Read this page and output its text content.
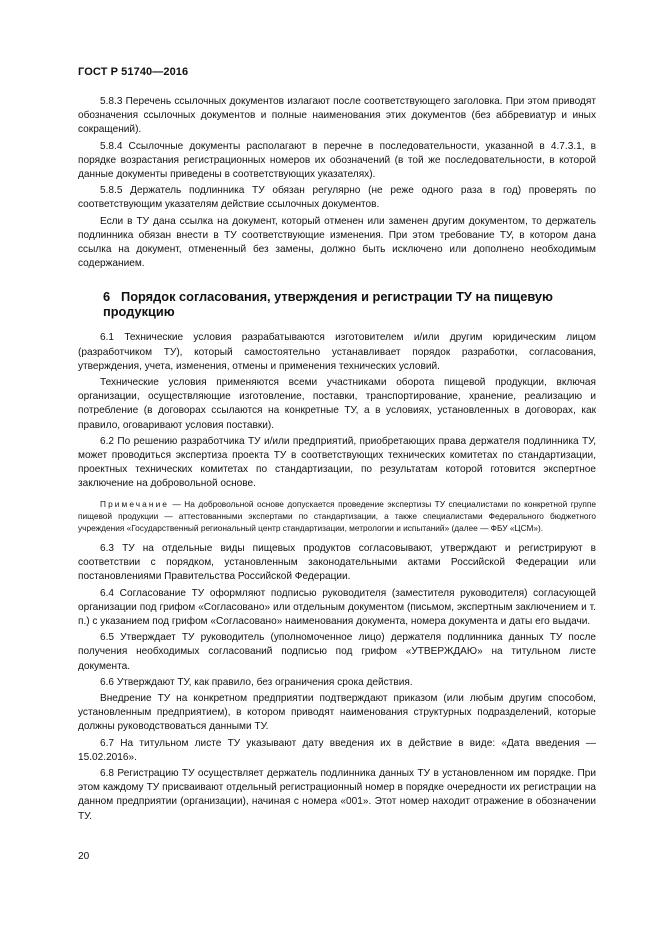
ГОСТ Р 51740—2016

5.8.3 Перечень ссылочных документов излагают после соответствующего заголовка. При этом приводят обозначения ссылочных документов и полные наименования этих документов (без аббревиатур и иных сокращений).

5.8.4 Ссылочные документы располагают в перечне в последовательности, указанной в 4.7.3.1, в порядке возрастания регистрационных номеров их обозначений (в той же последовательности, в которой данные документы приведены в соответствующих указателях).

5.8.5 Держатель подлинника ТУ обязан регулярно (не реже одного раза в год) проверять по соответствующим указателям действие ссылочных документов.

Если в ТУ дана ссылка на документ, который отменен или заменен другим документом, то держатель подлинника обязан внести в ТУ соответствующие изменения. При этом требование ТУ, в котором дана ссылка на документ, отмененный без замены, должно быть исключено или дополнено необходимым содержанием.

6 Порядок согласования, утверждения и регистрации ТУ на пищевую продукцию

6.1 Технические условия разрабатываются изготовителем и/или другим юридическим лицом (разработчиком ТУ), который самостоятельно устанавливает порядок разработки, согласования, утверждения, учета, изменения, отмены и применения технических условий.

Технические условия применяются всеми участниками оборота пищевой продукции, включая организации, осуществляющие изготовление, поставки, транспортирование, хранение, реализацию и потребление (в договорах ссылаются на конкретные ТУ, а в условиях, установленных в договорах, как правило, оговаривают условия поставки).

6.2 По решению разработчика ТУ и/или предприятий, приобретающих права держателя подлинника ТУ, может проводиться экспертиза проекта ТУ в соответствующих технических комитетах по стандартизации, проектных технических комитетах по стандартизации, по результатам которой готовится экспертное заключение на добровольной основе.

Примечание — На добровольной основе допускается проведение экспертизы ТУ специалистами по конкретной группе пищевой продукции — аттестованными экспертами по стандартизации, а также специалистами Федерального бюджетного учреждения «Государственный региональный центр стандартизации, метрологии и испытаний» (далее — ФБУ «ЦСМ»).

6.3 ТУ на отдельные виды пищевых продуктов согласовывают, утверждают и регистрируют в соответствии с порядком, установленным законодательными актами Российской Федерации или постановлениями Правительства Российской Федерации.

6.4 Согласование ТУ оформляют подписью руководителя (заместителя руководителя) согласующей организации под грифом «Согласовано» или отдельным документом (письмом, экспертным заключением и т. п.) с указанием под грифом «Согласовано» наименования документа, номера документа и даты его выдачи.

6.5 Утверждает ТУ руководитель (уполномоченное лицо) держателя подлинника данных ТУ после получения необходимых согласований подписью под грифом «УТВЕРЖДАЮ» на титульном листе документа.

6.6 Утверждают ТУ, как правило, без ограничения срока действия.

Внедрение ТУ на конкретном предприятии подтверждают приказом (или любым другим способом, установленным предприятием), в котором приводят наименования структурных подразделений, которые должны руководствоваться данными ТУ.

6.7 На титульном листе ТУ указывают дату введения их в действие в виде: «Дата введения — 15.02.2016».

6.8 Регистрацию ТУ осуществляет держатель подлинника данных ТУ в установленном им порядке. При этом каждому ТУ присваивают отдельный регистрационный номер в порядке очередности их регистрации на данном предприятии (организации), начиная с номера «001». Этот номер находит отражение в обозначении ТУ.

20
